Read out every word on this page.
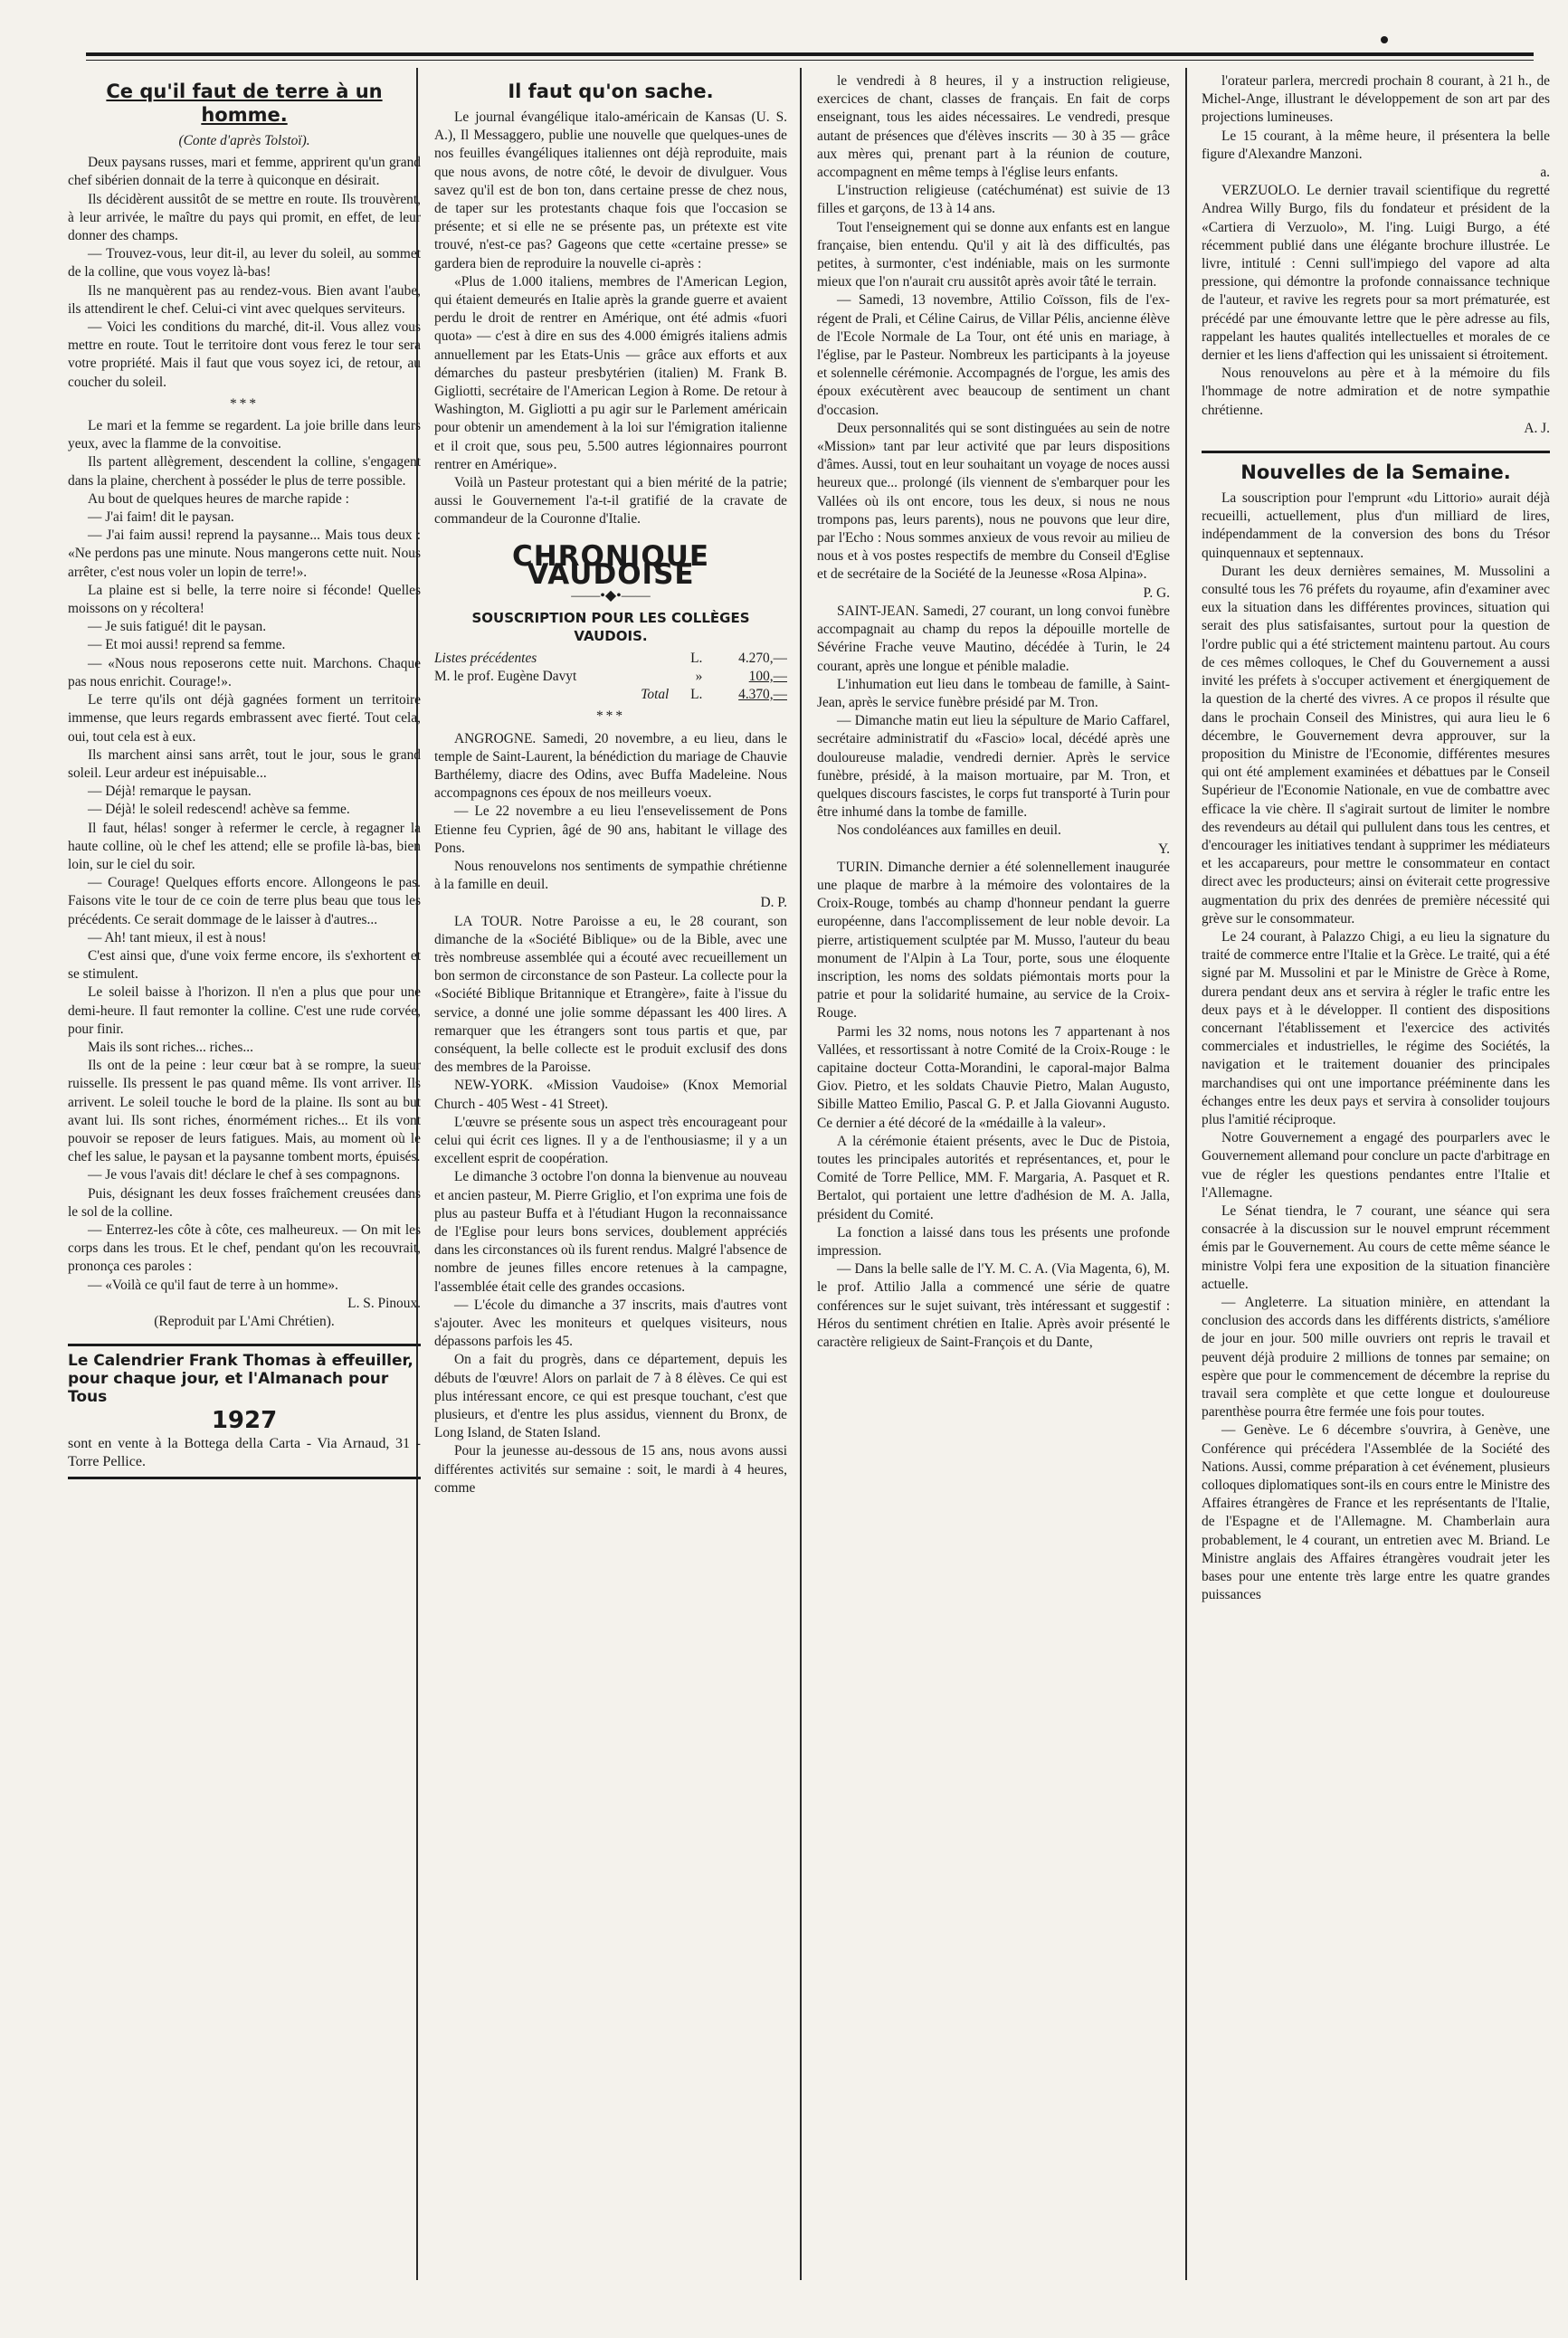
Ce qu'il faut de terre à un homme.
(Conte d'après Tolstoï).

Deux paysans russes, mari et femme, apprirent qu'un grand chef sibérien donnait de la terre à quiconque en désirait.

Ils décidèrent aussitôt de se mettre en route. Ils trouvèrent, à leur arrivée, le maître du pays qui promit, en effet, de leur donner des champs.

— Trouvez-vous, leur dit-il, au lever du soleil, au sommet de la colline, que vous voyez là-bas!

Ils ne manquèrent pas au rendez-vous. Bien avant l'aube, ils attendirent le chef. Celui-ci vint avec quelques serviteurs.

— Voici les conditions du marché, dit-il. Vous allez vous mettre en route. Tout le territoire dont vous ferez le tour sera votre propriété. Mais il faut que vous soyez ici, de retour, au coucher du soleil.

***

Le mari et la femme se regardent. La joie brille dans leurs yeux, avec la flamme de la convoitise.

Ils partent allègrement, descendent la colline, s'engagent dans la plaine, cherchent à posséder le plus de terre possible.

Au bout de quelques heures de marche rapide :

— J'ai faim! dit le paysan.

— J'ai faim aussi! reprend la paysanne... Mais tous deux : «Ne perdons pas une minute. Nous mangerons cette nuit. Nous arrêter, c'est nous voler un lopin de terre!».

La plaine est si belle, la terre noire si féconde! Quelles moissons on y récoltera!

— Je suis fatigué! dit le paysan.

— Et moi aussi! reprend sa femme.

— «Nous nous reposerons cette nuit. Marchons. Chaque pas nous enrichit. Courage!».

Le terre qu'ils ont déjà gagnées forment un territoire immense, que leurs regards embrassent avec fierté. Tout cela, oui, tout cela est à eux.

Ils marchent ainsi sans arrêt, tout le jour, sous le grand soleil. Leur ardeur est inépuisable...

— Déjà! remarque le paysan.

— Déjà! le soleil redescend! achève sa femme.

Il faut, hélas! songer à refermer le cercle, à regagner la haute colline, où le chef les attend; elle se profile là-bas, bien loin, sur le ciel du soir.

— Courage! Quelques efforts encore. Allongeons le pas. Faisons vite le tour de ce coin de terre plus beau que tous les précédents. Ce serait dommage de le laisser à d'autres...

— Ah! tant mieux, il est à nous!

C'est ainsi que, d'une voix ferme encore, ils s'exhortent et se stimulent.

Le soleil baisse à l'horizon. Il n'en a plus que pour une demi-heure. Il faut remonter la colline. C'est une rude corvée, pour finir.

Mais ils sont riches... riches...

Ils ont de la peine : leur cœur bat à se rompre, la sueur ruisselle. Ils pressent le pas quand même. Ils vont arriver. Ils arrivent. Le soleil touche le bord de la plaine. Ils sont au but avant lui. Ils sont riches, énormément riches... Et ils vont pouvoir se reposer de leurs fatigues. Mais, au moment où le chef les salue, le paysan et la paysanne tombent morts, épuisés.

— Je vous l'avais dit! déclare le chef à ses compagnons.

Puis, désignant les deux fosses fraîchement creusées dans le sol de la colline.

— Enterrez-les côte à côte, ces malheureux. — On mit les corps dans les trous. Et le chef, pendant qu'on les recouvrait, prononça ces paroles :

— «Voilà ce qu'il faut de terre à un homme».

L. S. Pinoux.

(Reproduit par L'Ami Chrétien).

Le Calendrier Frank Thomas à effeuiller, pour chaque jour, et l'Almanach pour Tous
1927
sont en vente à la Bottega della Carta - Via Arnaud, 31 - Torre Pellice.
Il faut qu'on sache.

Le journal évangélique italo-américain de Kansas (U. S. A.), Il Messaggero, publie une nouvelle que quelques-unes de nos feuilles évangéliques italiennes ont déjà reproduite, mais que nous avons, de notre côté, le devoir de divulguer. Vous savez qu'il est de bon ton, dans certaine presse de chez nous, de taper sur les protestants chaque fois que l'occasion se présente; et si elle ne se présente pas, un prétexte est vite trouvé, n'est-ce pas? Gageons que cette «certaine presse» se gardera bien de reproduire la nouvelle ci-après :

«Plus de 1.000 italiens, membres de l'American Legion, qui étaient demeurés en Italie après la grande guerre et avaient perdu le droit de rentrer en Amérique, ont été admis «fuori quota» — c'est à dire en sus des 4.000 émigrés italiens admis annuellement par les Etats-Unis — grâce aux efforts et aux démarches du pasteur presbytérien (italien) M. Frank B. Gigliotti, secrétaire de l'American Legion à Rome. De retour à Washington, M. Gigliotti a pu agir sur le Parlement américain pour obtenir un amendement à la loi sur l'émigration italienne et il croit que, sous peu, 5.500 autres légionnaires pourront rentrer en Amérique».

Voilà un Pasteur protestant qui a bien mérité de la patrie; aussi le Gouvernement l'a-t-il gratifié de la cravate de commandeur de la Couronne d'Italie.

CHRONIQUE VAUDOISE
——•◆•——
SOUSCRIPTION POUR LES COLLÈGES VAUDOIS.
Listes précédentes	L.	4.270,—
M. le prof. Eugène Davyt	»	100,—
Total	L.	4.370,—
***

ANGROGNE. Samedi, 20 novembre, a eu lieu, dans le temple de Saint-Laurent, la bénédiction du mariage de Chauvie Barthélemy, diacre des Odins, avec Buffa Madeleine. Nous accompagnons ces époux de nos meilleurs voeux.

— Le 22 novembre a eu lieu l'ensevelissement de Pons Etienne feu Cyprien, âgé de 90 ans, habitant le village des Pons.

Nous renouvelons nos sentiments de sympathie chrétienne à la famille en deuil.

D. P.

LA TOUR. Notre Paroisse a eu, le 28 courant, son dimanche de la «Société Biblique» ou de la Bible, avec une très nombreuse assemblée qui a écouté avec recueillement un bon sermon de circonstance de son Pasteur. La collecte pour la «Société Biblique Britannique et Etrangère», faite à l'issue du service, a donné une jolie somme dépassant les 400 lires. A remarquer que les étrangers sont tous partis et que, par conséquent, la belle collecte est le produit exclusif des dons des membres de la Paroisse.

NEW-YORK. «Mission Vaudoise» (Knox Memorial Church - 405 West - 41 Street).

L'œuvre se présente sous un aspect très encourageant pour celui qui écrit ces lignes. Il y a de l'enthousiasme; il y a un excellent esprit de coopération.

Le dimanche 3 octobre l'on donna la bienvenue au nouveau et ancien pasteur, M. Pierre Griglio, et l'on exprima une fois de plus au pasteur Buffa et à l'étudiant Hugon la reconnaissance de l'Eglise pour leurs bons services, doublement appréciés dans les circonstances où ils furent rendus. Malgré l'absence de nombre de jeunes filles encore retenues à la campagne, l'assemblée était celle des grandes occasions.

— L'école du dimanche a 37 inscrits, mais d'autres vont s'ajouter. Avec les moniteurs et quelques visiteurs, nous dépassons parfois les 45.

On a fait du progrès, dans ce département, depuis les débuts de l'œuvre! Alors on parlait de 7 à 8 élèves. Ce qui est plus intéressant encore, ce qui est presque touchant, c'est que plusieurs, et d'entre les plus assidus, viennent du Bronx, de Long Island, de Staten Island.

Pour la jeunesse au-dessous de 15 ans, nous avons aussi différentes activités sur semaine : soit, le mardi à 4 heures, comme

le vendredi à 8 heures, il y a instruction religieuse, exercices de chant, classes de français. En fait de corps enseignant, tous les aides nécessaires. Le vendredi, presque autant de présences que d'élèves inscrits — 30 à 35 — grâce aux mères qui, prenant part à la réunion de couture, accompagnent en même temps à l'église leurs enfants.

L'instruction religieuse (catéchuménat) est suivie de 13 filles et garçons, de 13 à 14 ans.

Tout l'enseignement qui se donne aux enfants est en langue française, bien entendu. Qu'il y ait là des difficultés, pas petites, à surmonter, c'est indéniable, mais on les surmonte mieux que l'on n'aurait cru aussitôt après avoir tâté le terrain.

— Samedi, 13 novembre, Attilio Coïsson, fils de l'ex-régent de Prali, et Céline Cairus, de Villar Pélis, ancienne élève de l'Ecole Normale de La Tour, ont été unis en mariage, à l'église, par le Pasteur. Nombreux les participants à la joyeuse et solennelle cérémonie. Accompagnés de l'orgue, les amis des époux exécutèrent avec beaucoup de sentiment un chant d'occasion.

Deux personnalités qui se sont distinguées au sein de notre «Mission» tant par leur activité que par leurs dispositions d'âmes. Aussi, tout en leur souhaitant un voyage de noces aussi heureux que... prolongé (ils viennent de s'embarquer pour les Vallées où ils ont encore, tous les deux, si nous ne nous trompons pas, leurs parents), nous ne pouvons que leur dire, par l'Echo : Nous sommes anxieux de vous revoir au milieu de nous et à vos postes respectifs de membre du Conseil d'Eglise et de secrétaire de la Société de la Jeunesse «Rosa Alpina».

P. G.

SAINT-JEAN. Samedi, 27 courant, un long convoi funèbre accompagnait au champ du repos la dépouille mortelle de Sévérine Frache veuve Mautino, décédée à Turin, le 24 courant, après une longue et pénible maladie.

L'inhumation eut lieu dans le tombeau de famille, à Saint-Jean, après le service funèbre présidé par M. Tron.

— Dimanche matin eut lieu la sépulture de Mario Caffarel, secrétaire administratif du «Fascio» local, décédé après une douloureuse maladie, vendredi dernier. Après le service funèbre, présidé, à la maison mortuaire, par M. Tron, et quelques discours fascistes, le corps fut transporté à Turin pour être inhumé dans la tombe de famille.

Nos condoléances aux familles en deuil.

Y.

TURIN. Dimanche dernier a été solennellement inaugurée une plaque de marbre à la mémoire des volontaires de la Croix-Rouge, tombés au champ d'honneur pendant la guerre européenne, dans l'accomplissement de leur noble devoir. La pierre, artistiquement sculptée par M. Musso, l'auteur du beau monument de l'Alpin à La Tour, porte, sous une éloquente inscription, les noms des soldats piémontais morts pour la patrie et pour la solidarité humaine, au service de la Croix-Rouge.

Parmi les 32 noms, nous notons les 7 appartenant à nos Vallées, et ressortissant à notre Comité de la Croix-Rouge : le capitaine docteur Cotta-Morandini, le caporal-major Balma Giov. Pietro, et les soldats Chauvie Pietro, Malan Augusto, Sibille Matteo Emilio, Pascal G. P. et Jalla Giovanni Augusto. Ce dernier a été décoré de la «médaille à la valeur».

A la cérémonie étaient présents, avec le Duc de Pistoia, toutes les principales autorités et représentances, et, pour le Comité de Torre Pellice, MM. F. Margaria, A. Pasquet et R. Bertalot, qui portaient une lettre d'adhésion de M. A. Jalla, président du Comité.

La fonction a laissé dans tous les présents une profonde impression.

— Dans la belle salle de l'Y. M. C. A. (Via Magenta, 6), M. le prof. Attilio Jalla a commencé une série de quatre conférences sur le sujet suivant, très intéressant et suggestif : Héros du sentiment chrétien en Italie. Après avoir présenté le caractère religieux de Saint-François et du Dante,

l'orateur parlera, mercredi prochain 8 courant, à 21 h., de Michel-Ange, illustrant le développement de son art par des projections lumineuses.

Le 15 courant, à la même heure, il présentera la belle figure d'Alexandre Manzoni.

a.

VERZUOLO. Le dernier travail scientifique du regretté Andrea Willy Burgo, fils du fondateur et président de la «Cartiera di Verzuolo», M. l'ing. Luigi Burgo, a été récemment publié dans une élégante brochure illustrée. Le livre, intitulé : Cenni sull'impiego del vapore ad alta pressione, qui démontre la profonde connaissance technique de l'auteur, et ravive les regrets pour sa mort prématurée, est précédé par une émouvante lettre que le père adresse au fils, rappelant les hautes qualités intellectuelles et morales de ce dernier et les liens d'affection qui les unissaient si étroitement.

Nous renouvelons au père et à la mémoire du fils l'hommage de notre admiration et de notre sympathie chrétienne.

A. J.

Nouvelles de la Semaine.

La souscription pour l'emprunt «du Littorio» aurait déjà recueilli, actuellement, plus d'un milliard de lires, indépendamment de la conversion des bons du Trésor quinquennaux et septennaux.

Durant les deux dernières semaines, M. Mussolini a consulté tous les 76 préfets du royaume, afin d'examiner avec eux la situation dans les différentes provinces, situation qui serait des plus satisfaisantes, surtout pour la question de l'ordre public qui a été strictement maintenu partout. Au cours de ces mêmes colloques, le Chef du Gouvernement a aussi invité les préfets à s'occuper activement et énergiquement de la question de la cherté des vivres. A ce propos il résulte que dans le prochain Conseil des Ministres, qui aura lieu le 6 décembre, le Gouvernement devra approuver, sur la proposition du Ministre de l'Economie, différentes mesures qui ont été amplement examinées et débattues par le Conseil Supérieur de l'Economie Nationale, en vue de combattre avec efficace la vie chère. Il s'agirait surtout de limiter le nombre des revendeurs au détail qui pullulent dans tous les centres, et d'encourager les initiatives tendant à supprimer les médiateurs et les accapareurs, pour mettre le consommateur en contact direct avec les producteurs; ainsi on éviterait cette progressive augmentation du prix des denrées de première nécessité qui grève sur le consommateur.

Le 24 courant, à Palazzo Chigi, a eu lieu la signature du traité de commerce entre l'Italie et la Grèce. Le traité, qui a été signé par M. Mussolini et par le Ministre de Grèce à Rome, durera pendant deux ans et servira à régler le trafic entre les deux pays et à le développer. Il contient des dispositions concernant l'établissement et l'exercice des activités commerciales et industrielles, le régime des Sociétés, la navigation et le traitement douanier des principales marchandises qui ont une importance prééminente dans les échanges entre les deux pays et servira à consolider toujours plus l'amitié réciproque.

Notre Gouvernement a engagé des pourparlers avec le Gouvernement allemand pour conclure un pacte d'arbitrage en vue de régler les questions pendantes entre l'Italie et l'Allemagne.

Le Sénat tiendra, le 7 courant, une séance qui sera consacrée à la discussion sur le nouvel emprunt récemment émis par le Gouvernement. Au cours de cette même séance le ministre Volpi fera une exposition de la situation financière actuelle.

— Angleterre. La situation minière, en attendant la conclusion des accords dans les différents districts, s'améliore de jour en jour. 500 mille ouvriers ont repris le travail et peuvent déjà produire 2 millions de tonnes par semaine; on espère que pour le commencement de décembre la reprise du travail sera complète et que cette longue et douloureuse parenthèse pourra être fermée une fois pour toutes.

— Genève. Le 6 décembre s'ouvrira, à Genève, une Conférence qui précédera l'Assemblée de la Société des Nations. Aussi, comme préparation à cet événement, plusieurs colloques diplomatiques sont-ils en cours entre le Ministre des Affaires étrangères de France et les représentants de l'Italie, de l'Espagne et de l'Allemagne. M. Chamberlain aura probablement, le 4 courant, un entretien avec M. Briand. Le Ministre anglais des Affaires étrangères voudrait jeter les bases pour une entente très large entre les quatre grandes puissances
